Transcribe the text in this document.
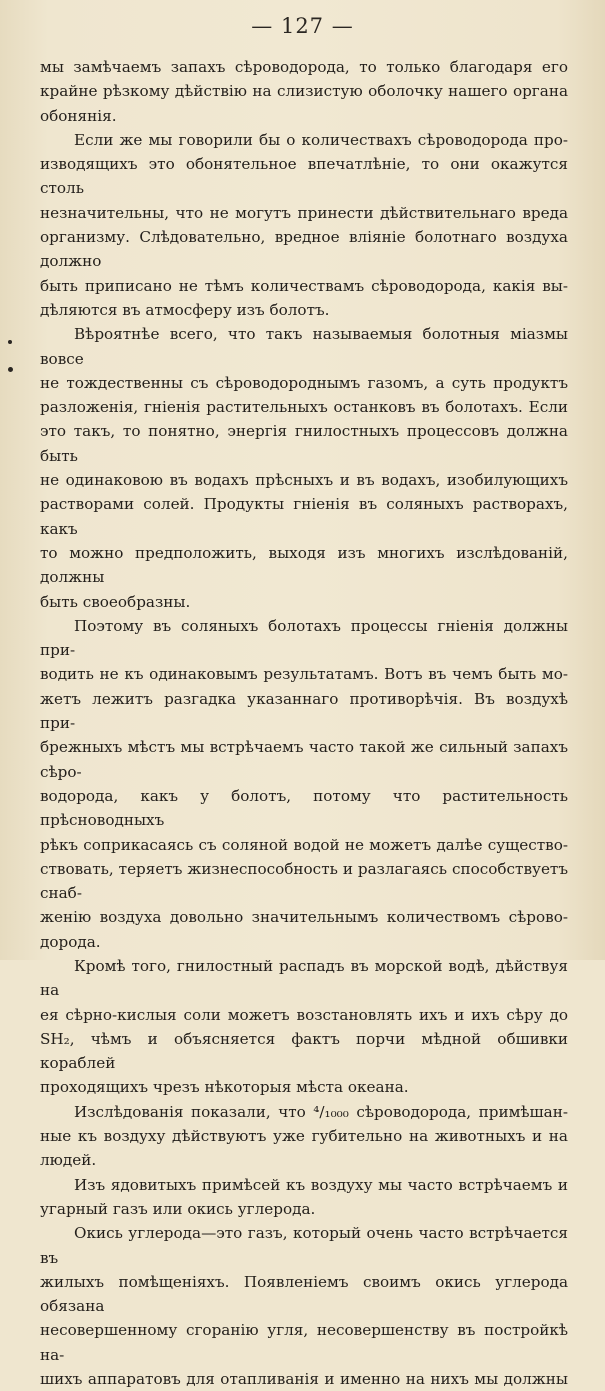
— 127 —

мы замѣчаемъ запахъ сѣроводорода, то только благодаря его

крайне рѣзкому дѣйствію на слизистую оболочку нашего органа

обонянія.

Если же мы говорили бы о количествахъ сѣроводорода про-

изводящихъ это обонятельное впечатлѣніе, то они окажутся столь

незначительны, что не могутъ принести дѣйствительнаго вреда

организму. Слѣдовательно, вредное вліяніе болотнаго воздуха должно

быть приписано не тѣмъ количествамъ сѣроводорода, какія вы-

дѣляются въ атмосферу изъ болотъ.

Вѣроятнѣе всего, что такъ называемыя болотныя міазмы вовсе

не тождественны съ сѣроводороднымъ газомъ, а суть продуктъ

разложенія, гніенія растительныхъ останковъ въ болотахъ. Если

это такъ, то понятно, энергія гнилостныхъ процессовъ должна быть

не одинаковою въ водахъ прѣсныхъ и въ водахъ, изобилующихъ

растворами солей. Продукты гніенія въ соляныхъ растворахъ, какъ

то можно предположить, выходя изъ многихъ изслѣдованій, должны

быть своеобразны.

Поэтому въ соляныхъ болотахъ процессы гніенія должны при-

водить не къ одинаковымъ результатамъ. Вотъ въ чемъ быть мо-

жетъ лежитъ разгадка указаннаго противорѣчія. Въ воздухѣ при-

брежныхъ мѣстъ мы встрѣчаемъ часто такой же сильный запахъ сѣро-

водорода, какъ у болотъ, потому что растительность прѣсноводныхъ

рѣкъ соприкасаясь съ соляной водой не можетъ далѣе существо-

ствовать, теряетъ жизнеспособность и разлагаясь способствуетъ снаб-

женію воздуха довольно значительнымъ количествомъ сѣрово-

дорода.

Кромѣ того, гнилостный распадъ въ морской водѣ, дѣйствуя на

ея сѣрно-кислыя соли можетъ возстановлять ихъ и ихъ сѣру до

SH₂, чѣмъ и объясняется фактъ порчи мѣдной обшивки кораблей

проходящихъ чрезъ нѣкоторыя мѣста океана.

Изслѣдованія показали, что ⁴/₁₀₀₀ сѣроводорода, примѣшан-

ные къ воздуху дѣйствуютъ уже губительно на животныхъ и на

людей.

Изъ ядовитыхъ примѣсей къ воздуху мы часто встрѣчаемъ и

угарный газъ или окись углерода.

Окись углерода—это газъ, который очень часто встрѣчается въ

жилыхъ помѣщеніяхъ. Появленіемъ своимъ окись углерода обязана

несовершенному сгоранію угля, несовершенству въ постройкѣ на-

шихъ аппаратовъ для отапливанія и именно на нихъ мы должны
